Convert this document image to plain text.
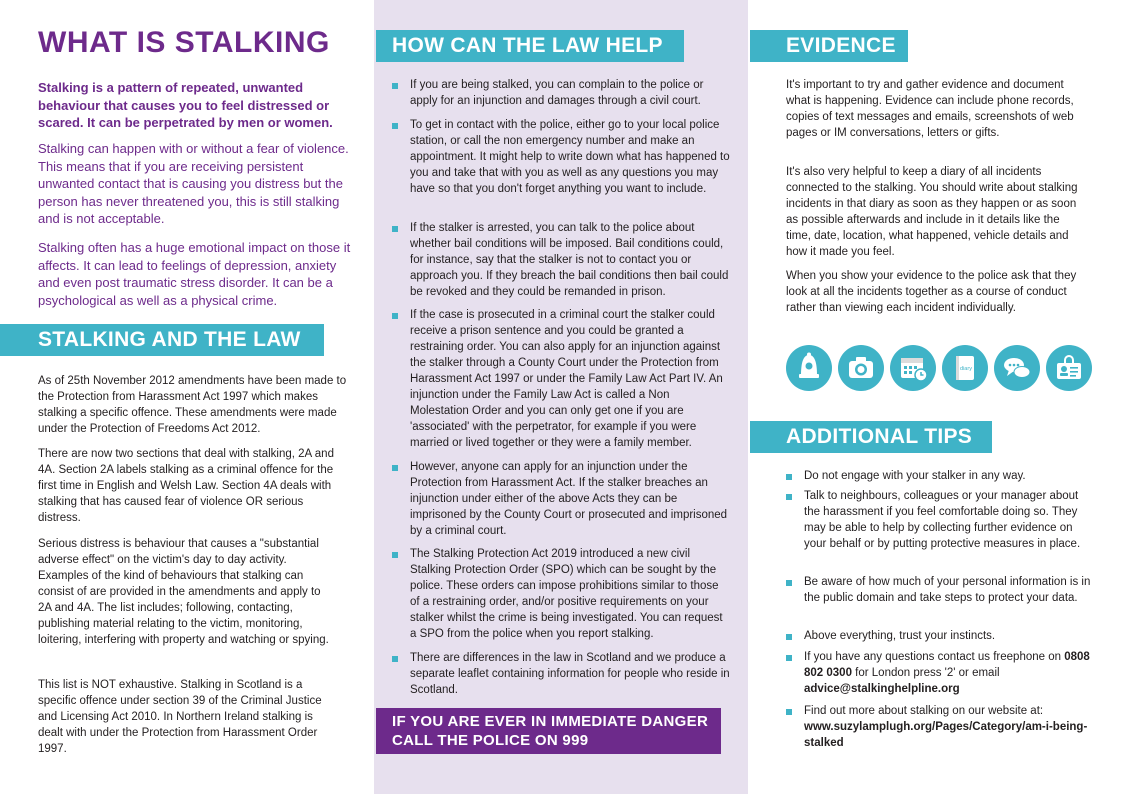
WHAT IS STALKING

Stalking is a pattern of repeated, unwanted behaviour that causes you to feel distressed or scared. It can be perpetrated by men or women.

Stalking can happen with or without a fear of violence. This means that if you are receiving persistent unwanted contact that is causing you distress but the person has never threatened you, this is still stalking and is not acceptable.

Stalking often has a huge emotional impact on those it affects. It can lead to feelings of depression, anxiety and even post traumatic stress disorder. It can be a psychological as well as a physical crime.

STALKING AND THE LAW

As of 25th November 2012 amendments have been made to the Protection from Harassment Act 1997 which makes stalking a specific offence. These amendments were made under the Protection of Freedoms Act 2012.

There are now two sections that deal with stalking, 2A and 4A. Section 2A labels stalking as a criminal offence for the first time in English and Welsh Law. Section 4A deals with stalking that has caused fear of violence OR serious distress.

Serious distress is behaviour that causes a "substantial adverse effect" on the victim's day to day activity. Examples of the kind of behaviours that stalking can consist of are provided in the amendments and apply to 2A and 4A. The list includes; following, contacting, publishing material relating to the victim, monitoring, loitering, interfering with property and watching or spying.

This list is NOT exhaustive. Stalking in Scotland is a specific offence under section 39 of the Criminal Justice and Licensing Act 2010. In Northern Ireland stalking is dealt with under the Protection from Harassment Order 1997.

HOW CAN THE LAW HELP
If you are being stalked, you can complain to the police or apply for an injunction and damages through a civil court.
To get in contact with the police, either go to your local police station, or call the non emergency number and make an appointment. It might help to write down what has happened to you and take that with you as well as any questions you may have so that you don't forget anything you want to include.
If the stalker is arrested, you can talk to the police about whether bail conditions will be imposed. Bail conditions could, for instance, say that the stalker is not to contact you or approach you. If they breach the bail conditions then bail could be revoked and they could be remanded in prison.
If the case is prosecuted in a criminal court the stalker could receive a prison sentence and you could be granted a restraining order. You can also apply for an injunction against the stalker through a County Court under the Protection from Harassment Act 1997 or under the Family Law Act Part IV. An injunction under the Family Law Act is called a Non Molestation Order and you can only get one if you are 'associated' with the perpetrator, for example if you were married or lived together or they were a family member.
However, anyone can apply for an injunction under the Protection from Harassment Act. If the stalker breaches an injunction under either of the above Acts they can be imprisoned by the County Court or prosecuted and imprisoned by a criminal court.
The Stalking Protection Act 2019 introduced a new civil Stalking Protection Order (SPO) which can be sought by the police. These orders can impose prohibitions similar to those of a restraining order, and/or positive requirements on your stalker whilst the crime is being investigated. You can request a SPO from the police when you report stalking.
There are differences in the law in Scotland and we produce a separate leaflet containing information for people who reside in Scotland.
IF YOU ARE EVER IN IMMEDIATE DANGER
CALL THE POLICE ON 999
EVIDENCE

It's important to try and gather evidence and document what is happening. Evidence can include phone records, copies of text messages and emails, screenshots of web pages or IM conversations, letters or gifts.

It's also very helpful to keep a diary of all incidents connected to the stalking. You should write about stalking incidents in that diary as soon as they happen or as soon as possible afterwards and include in it details like the time, date, location, what happened, vehicle details and how it made you feel.

When you show your evidence to the police ask that they look at all the incidents together as a course of conduct rather than viewing each incident individually.

ADDITIONAL TIPS
Do not engage with your stalker in any way.
Talk to neighbours, colleagues or your manager about the harassment if you feel comfortable doing so. They may be able to help by collecting further evidence on your behalf or by putting protective measures in place.
Be aware of how much of your personal information is in the public domain and take steps to protect your data.
Above everything, trust your instincts.
If you have any questions contact us freephone on 0808 802 0300 for London press '2' or email advice@stalkinghelpline.org
Find out more about stalking on our website at: www.suzylamplugh.org/Pages/Category/am-i-being-stalked
diary
